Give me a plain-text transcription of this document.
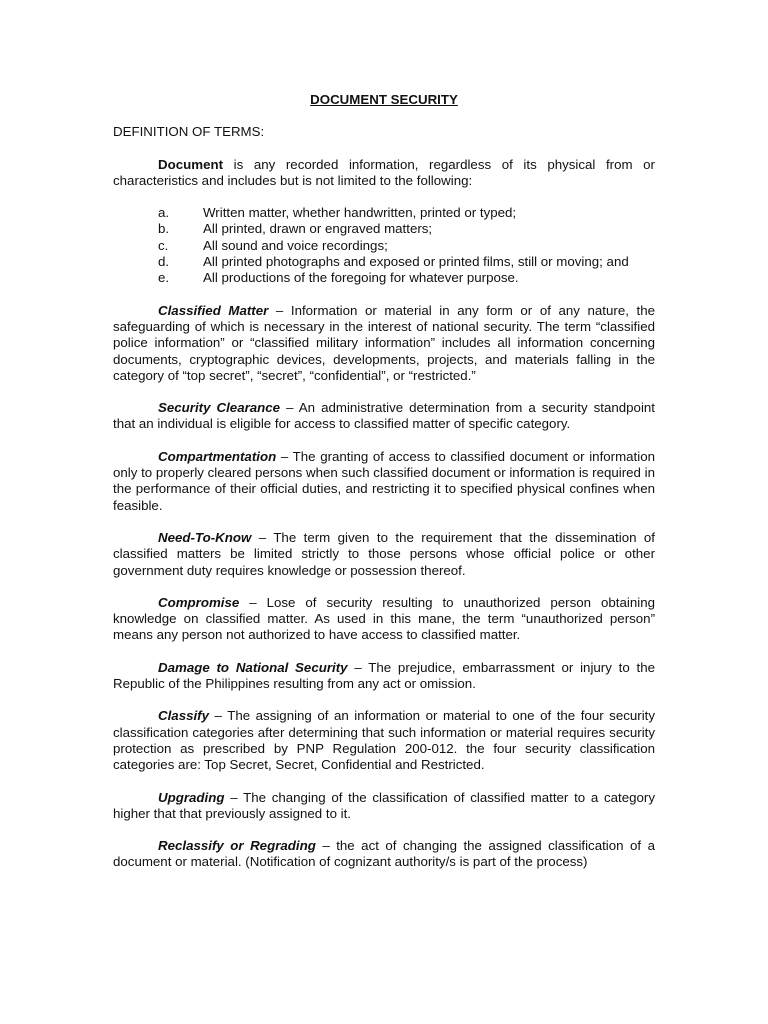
DOCUMENT SECURITY
DEFINITION OF TERMS:

Document is any recorded information, regardless of its physical from or characteristics and includes but is not limited to the following:

a.	Written matter, whether handwritten, printed or typed;
b.	All printed, drawn or engraved matters;
c.	All sound and voice recordings;
d.	All printed photographs and exposed or printed films, still or moving; and
e.	All productions of the foregoing for whatever purpose.

Classified Matter – Information or material in any form or of any nature, the safeguarding of which is necessary in the interest of national security. The term “classified police information” or “classified military information” includes all information concerning documents, cryptographic devices, developments, projects, and materials falling in the category of “top secret”, “secret”, “confidential”, or “restricted.”

Security Clearance – An administrative determination from a security standpoint that an individual is eligible for access to classified matter of specific category.

Compartmentation – The granting of access to classified document or information only to properly cleared persons when such classified document or information is required in the performance of their official duties, and restricting it to specified physical confines when feasible.

Need-To-Know – The term given to the requirement that the dissemination of classified matters be limited strictly to those persons whose official police or other government duty requires knowledge or possession thereof.

Compromise – Lose of security resulting to unauthorized person obtaining knowledge on classified matter. As used in this mane, the term “unauthorized person” means any person not authorized to have access to classified matter.

Damage to National Security – The prejudice, embarrassment or injury to the Republic of the Philippines resulting from any act or omission.

Classify – The assigning of an information or material to one of the four security classification categories after determining that such information or material requires security protection as prescribed by PNP Regulation 200-012. the four security classification categories are: Top Secret, Secret, Confidential and Restricted.

Upgrading – The changing of the classification of classified matter to a category higher that that previously assigned to it.

Reclassify or Regrading – the act of changing the assigned classification of a document or material. (Notification of cognizant authority/s is part of the process)
